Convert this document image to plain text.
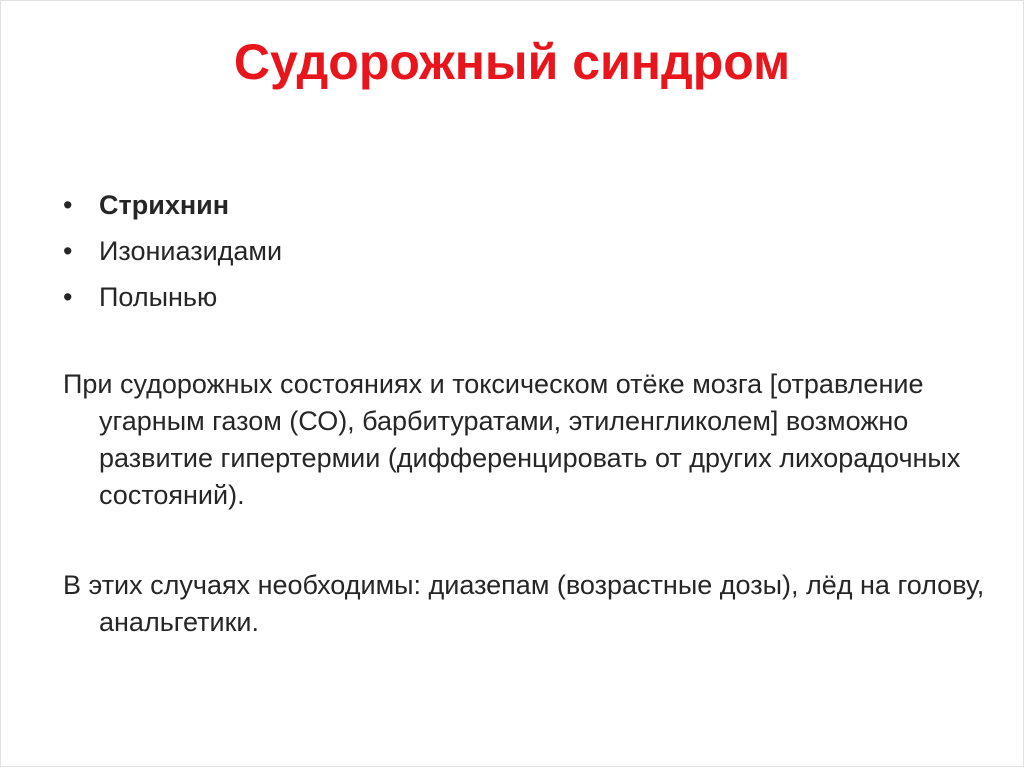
Судорожный синдром
• Стрихнин
• Изониазидами
• Полынью

При судорожных состояниях и токсическом отёке мозга [отравление угарным газом (СО), барбитуратами, этиленгликолем] возможно развитие гипертермии (дифференцировать от других лихорадочных состояний).

В этих случаях необходимы: диазепам (возрастные дозы), лёд на голову, анальгетики.
